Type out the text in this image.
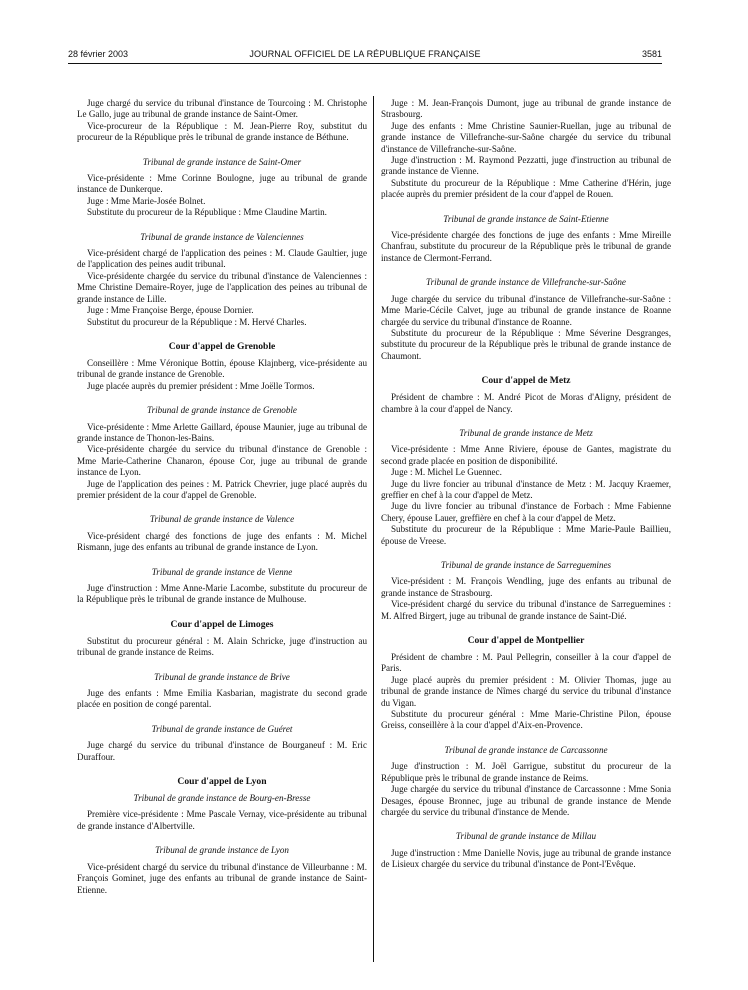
28 février 2003	JOURNAL OFFICIEL DE LA RÉPUBLIQUE FRANÇAISE	3581

Juge chargé du service du tribunal d'instance de Tourcoing : M. Christophe Le Gallo, juge au tribunal de grande instance de Saint-Omer.

Vice-procureur de la République : M. Jean-Pierre Roy, substitut du procureur de la République près le tribunal de grande instance de Béthune.

Tribunal de grande instance de Saint-Omer

Vice-présidente : Mme Corinne Boulogne, juge au tribunal de grande instance de Dunkerque.

Juge : Mme Marie-Josée Bolnet.

Substitute du procureur de la République : Mme Claudine Martin.

Tribunal de grande instance de Valenciennes

Vice-président chargé de l'application des peines : M. Claude Gaultier, juge de l'application des peines audit tribunal.

Vice-présidente chargée du service du tribunal d'instance de Valenciennes : Mme Christine Demaire-Royer, juge de l'application des peines au tribunal de grande instance de Lille.

Juge : Mme Françoise Berge, épouse Dornier.

Substitut du procureur de la République : M. Hervé Charles.

Cour d'appel de Grenoble

Conseillère : Mme Véronique Bottin, épouse Klajnberg, vice-présidente au tribunal de grande instance de Grenoble.

Juge placée auprès du premier président : Mme Joëlle Tormos.

Tribunal de grande instance de Grenoble

Vice-présidente : Mme Arlette Gaillard, épouse Maunier, juge au tribunal de grande instance de Thonon-les-Bains.

Vice-présidente chargée du service du tribunal d'instance de Grenoble : Mme Marie-Catherine Chanaron, épouse Cor, juge au tribunal de grande instance de Lyon.

Juge de l'application des peines : M. Patrick Chevrier, juge placé auprès du premier président de la cour d'appel de Grenoble.

Tribunal de grande instance de Valence

Vice-président chargé des fonctions de juge des enfants : M. Michel Rismann, juge des enfants au tribunal de grande instance de Lyon.

Tribunal de grande instance de Vienne

Juge d'instruction : Mme Anne-Marie Lacombe, substitute du procureur de la République près le tribunal de grande instance de Mulhouse.

Cour d'appel de Limoges

Substitut du procureur général : M. Alain Schricke, juge d'instruction au tribunal de grande instance de Reims.

Tribunal de grande instance de Brive

Juge des enfants : Mme Emilia Kasbarian, magistrate du second grade placée en position de congé parental.

Tribunal de grande instance de Guéret

Juge chargé du service du tribunal d'instance de Bourganeuf : M. Eric Duraffour.

Cour d'appel de Lyon
Tribunal de grande instance de Bourg-en-Bresse

Première vice-présidente : Mme Pascale Vernay, vice-présidente au tribunal de grande instance d'Albertville.

Tribunal de grande instance de Lyon

Vice-président chargé du service du tribunal d'instance de Villeurbanne : M. François Gominet, juge des enfants au tribunal de grande instance de Saint-Etienne.

Juge : M. Jean-François Dumont, juge au tribunal de grande instance de Strasbourg.

Juge des enfants : Mme Christine Saunier-Ruellan, juge au tribunal de grande instance de Villefranche-sur-Saône chargée du service du tribunal d'instance de Villefranche-sur-Saône.

Juge d'instruction : M. Raymond Pezzatti, juge d'instruction au tribunal de grande instance de Vienne.

Substitute du procureur de la République : Mme Catherine d'Hérin, juge placée auprès du premier président de la cour d'appel de Rouen.

Tribunal de grande instance de Saint-Etienne

Vice-présidente chargée des fonctions de juge des enfants : Mme Mireille Chanfrau, substitute du procureur de la République près le tribunal de grande instance de Clermont-Ferrand.

Tribunal de grande instance de Villefranche-sur-Saône

Juge chargée du service du tribunal d'instance de Villefranche-sur-Saône : Mme Marie-Cécile Calvet, juge au tribunal de grande instance de Roanne chargée du service du tribunal d'instance de Roanne.

Substitute du procureur de la République : Mme Séverine Desgranges, substitute du procureur de la République près le tribunal de grande instance de Chaumont.

Cour d'appel de Metz

Président de chambre : M. André Picot de Moras d'Aligny, président de chambre à la cour d'appel de Nancy.

Tribunal de grande instance de Metz

Vice-présidente : Mme Anne Riviere, épouse de Gantes, magistrate du second grade placée en position de disponibilité.

Juge : M. Michel Le Guennec.

Juge du livre foncier au tribunal d'instance de Metz : M. Jacquy Kraemer, greffier en chef à la cour d'appel de Metz.

Juge du livre foncier au tribunal d'instance de Forbach : Mme Fabienne Chery, épouse Lauer, greffière en chef à la cour d'appel de Metz.

Substitute du procureur de la République : Mme Marie-Paule Baillieu, épouse de Vreese.

Tribunal de grande instance de Sarreguemines

Vice-président : M. François Wendling, juge des enfants au tribunal de grande instance de Strasbourg.

Vice-président chargé du service du tribunal d'instance de Sarreguemines : M. Alfred Birgert, juge au tribunal de grande instance de Saint-Dié.

Cour d'appel de Montpellier

Président de chambre : M. Paul Pellegrin, conseiller à la cour d'appel de Paris.

Juge placé auprès du premier président : M. Olivier Thomas, juge au tribunal de grande instance de Nîmes chargé du service du tribunal d'instance du Vigan.

Substitute du procureur général : Mme Marie-Christine Pilon, épouse Greiss, conseillère à la cour d'appel d'Aix-en-Provence.

Tribunal de grande instance de Carcassonne

Juge d'instruction : M. Joël Garrigue, substitut du procureur de la République près le tribunal de grande instance de Reims.

Juge chargée du service du tribunal d'instance de Carcassonne : Mme Sonia Desages, épouse Bronnec, juge au tribunal de grande instance de Mende chargée du service du tribunal d'instance de Mende.

Tribunal de grande instance de Millau

Juge d'instruction : Mme Danielle Novis, juge au tribunal de grande instance de Lisieux chargée du service du tribunal d'instance de Pont-l'Evêque.
